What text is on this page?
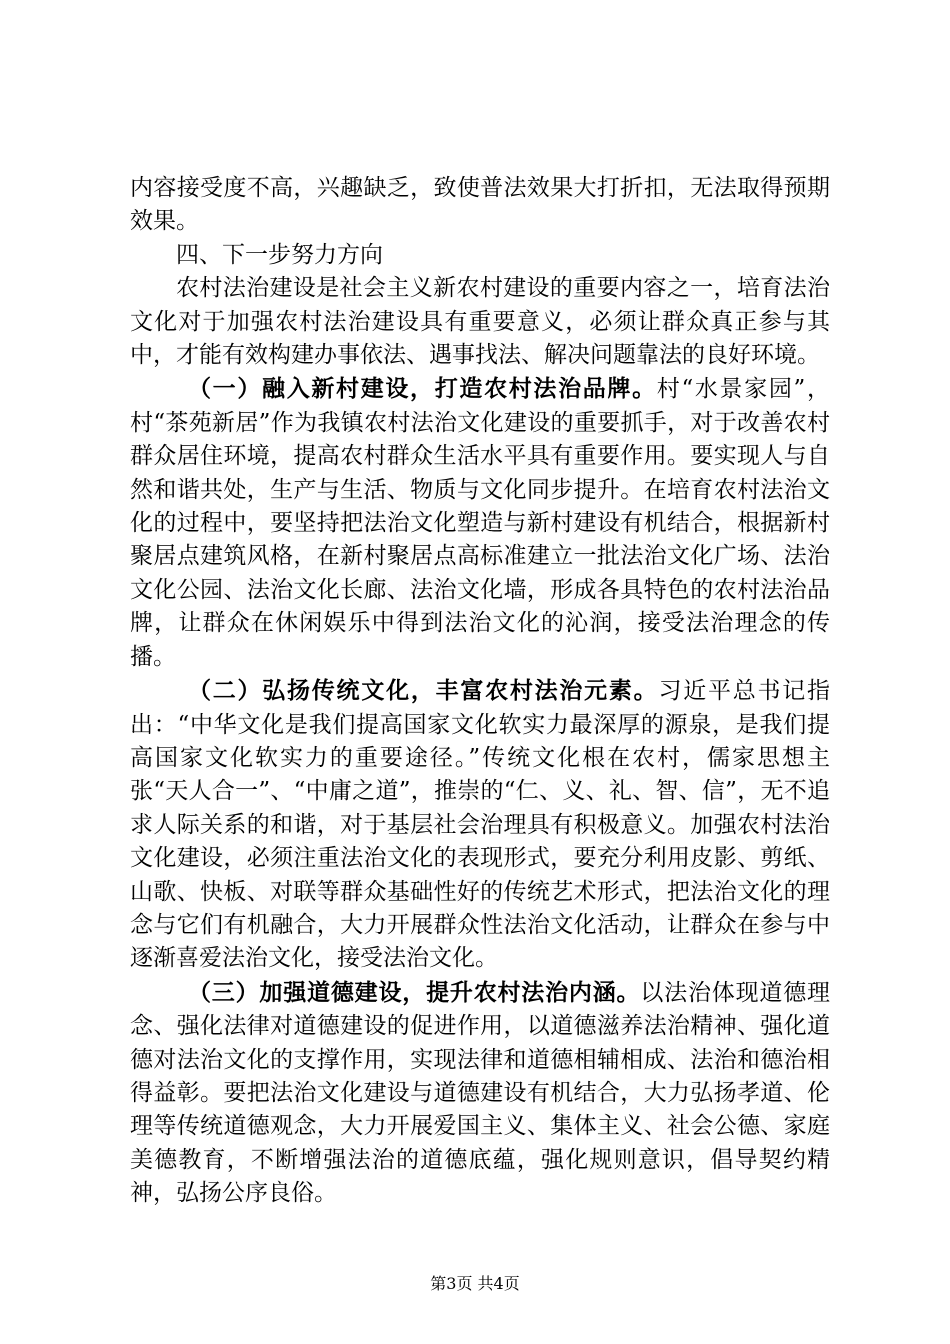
内容接受度不高，兴趣缺乏，致使普法效果大打折扣，无法取得预期效果。

四、下一步努力方向

农村法治建设是社会主义新农村建设的重要内容之一，培育法治文化对于加强农村法治建设具有重要意义，必须让群众真正参与其中，才能有效构建办事依法、遇事找法、解决问题靠法的良好环境。

（一）融入新村建设，打造农村法治品牌。村“水景家园”，村“茶苑新居”作为我镇农村法治文化建设的重要抓手，对于改善农村群众居住环境，提高农村群众生活水平具有重要作用。要实现人与自然和谐共处，生产与生活、物质与文化同步提升。在培育农村法治文化的过程中，要坚持把法治文化塑造与新村建设有机结合，根据新村聚居点建筑风格，在新村聚居点高标准建立一批法治文化广场、法治文化公园、法治文化长廊、法治文化墙，形成各具特色的农村法治品牌，让群众在休闲娱乐中得到法治文化的沁润，接受法治理念的传播。

（二）弘扬传统文化，丰富农村法治元素。习近平总书记指出：“中华文化是我们提高国家文化软实力最深厚的源泉，是我们提高国家文化软实力的重要途径。”传统文化根在农村，儒家思想主张“天人合一”、“中庸之道”，推崇的“仁、义、礼、智、信”，无不追求人际关系的和谐，对于基层社会治理具有积极意义。加强农村法治文化建设，必须注重法治文化的表现形式，要充分利用皮影、剪纸、山歌、快板、对联等群众基础性好的传统艺术形式，把法治文化的理念与它们有机融合，大力开展群众性法治文化活动，让群众在参与中逐渐喜爱法治文化，接受法治文化。

（三）加强道德建设，提升农村法治内涵。以法治体现道德理念、强化法律对道德建设的促进作用，以道德滋养法治精神、强化道德对法治文化的支撑作用，实现法律和道德相辅相成、法治和德治相得益彰。要把法治文化建设与道德建设有机结合，大力弘扬孝道、伦理等传统道德观念，大力开展爱国主义、集体主义、社会公德、家庭美德教育，不断增强法治的道德底蕴，强化规则意识，倡导契约精神，弘扬公序良俗。

第3页 共4页
